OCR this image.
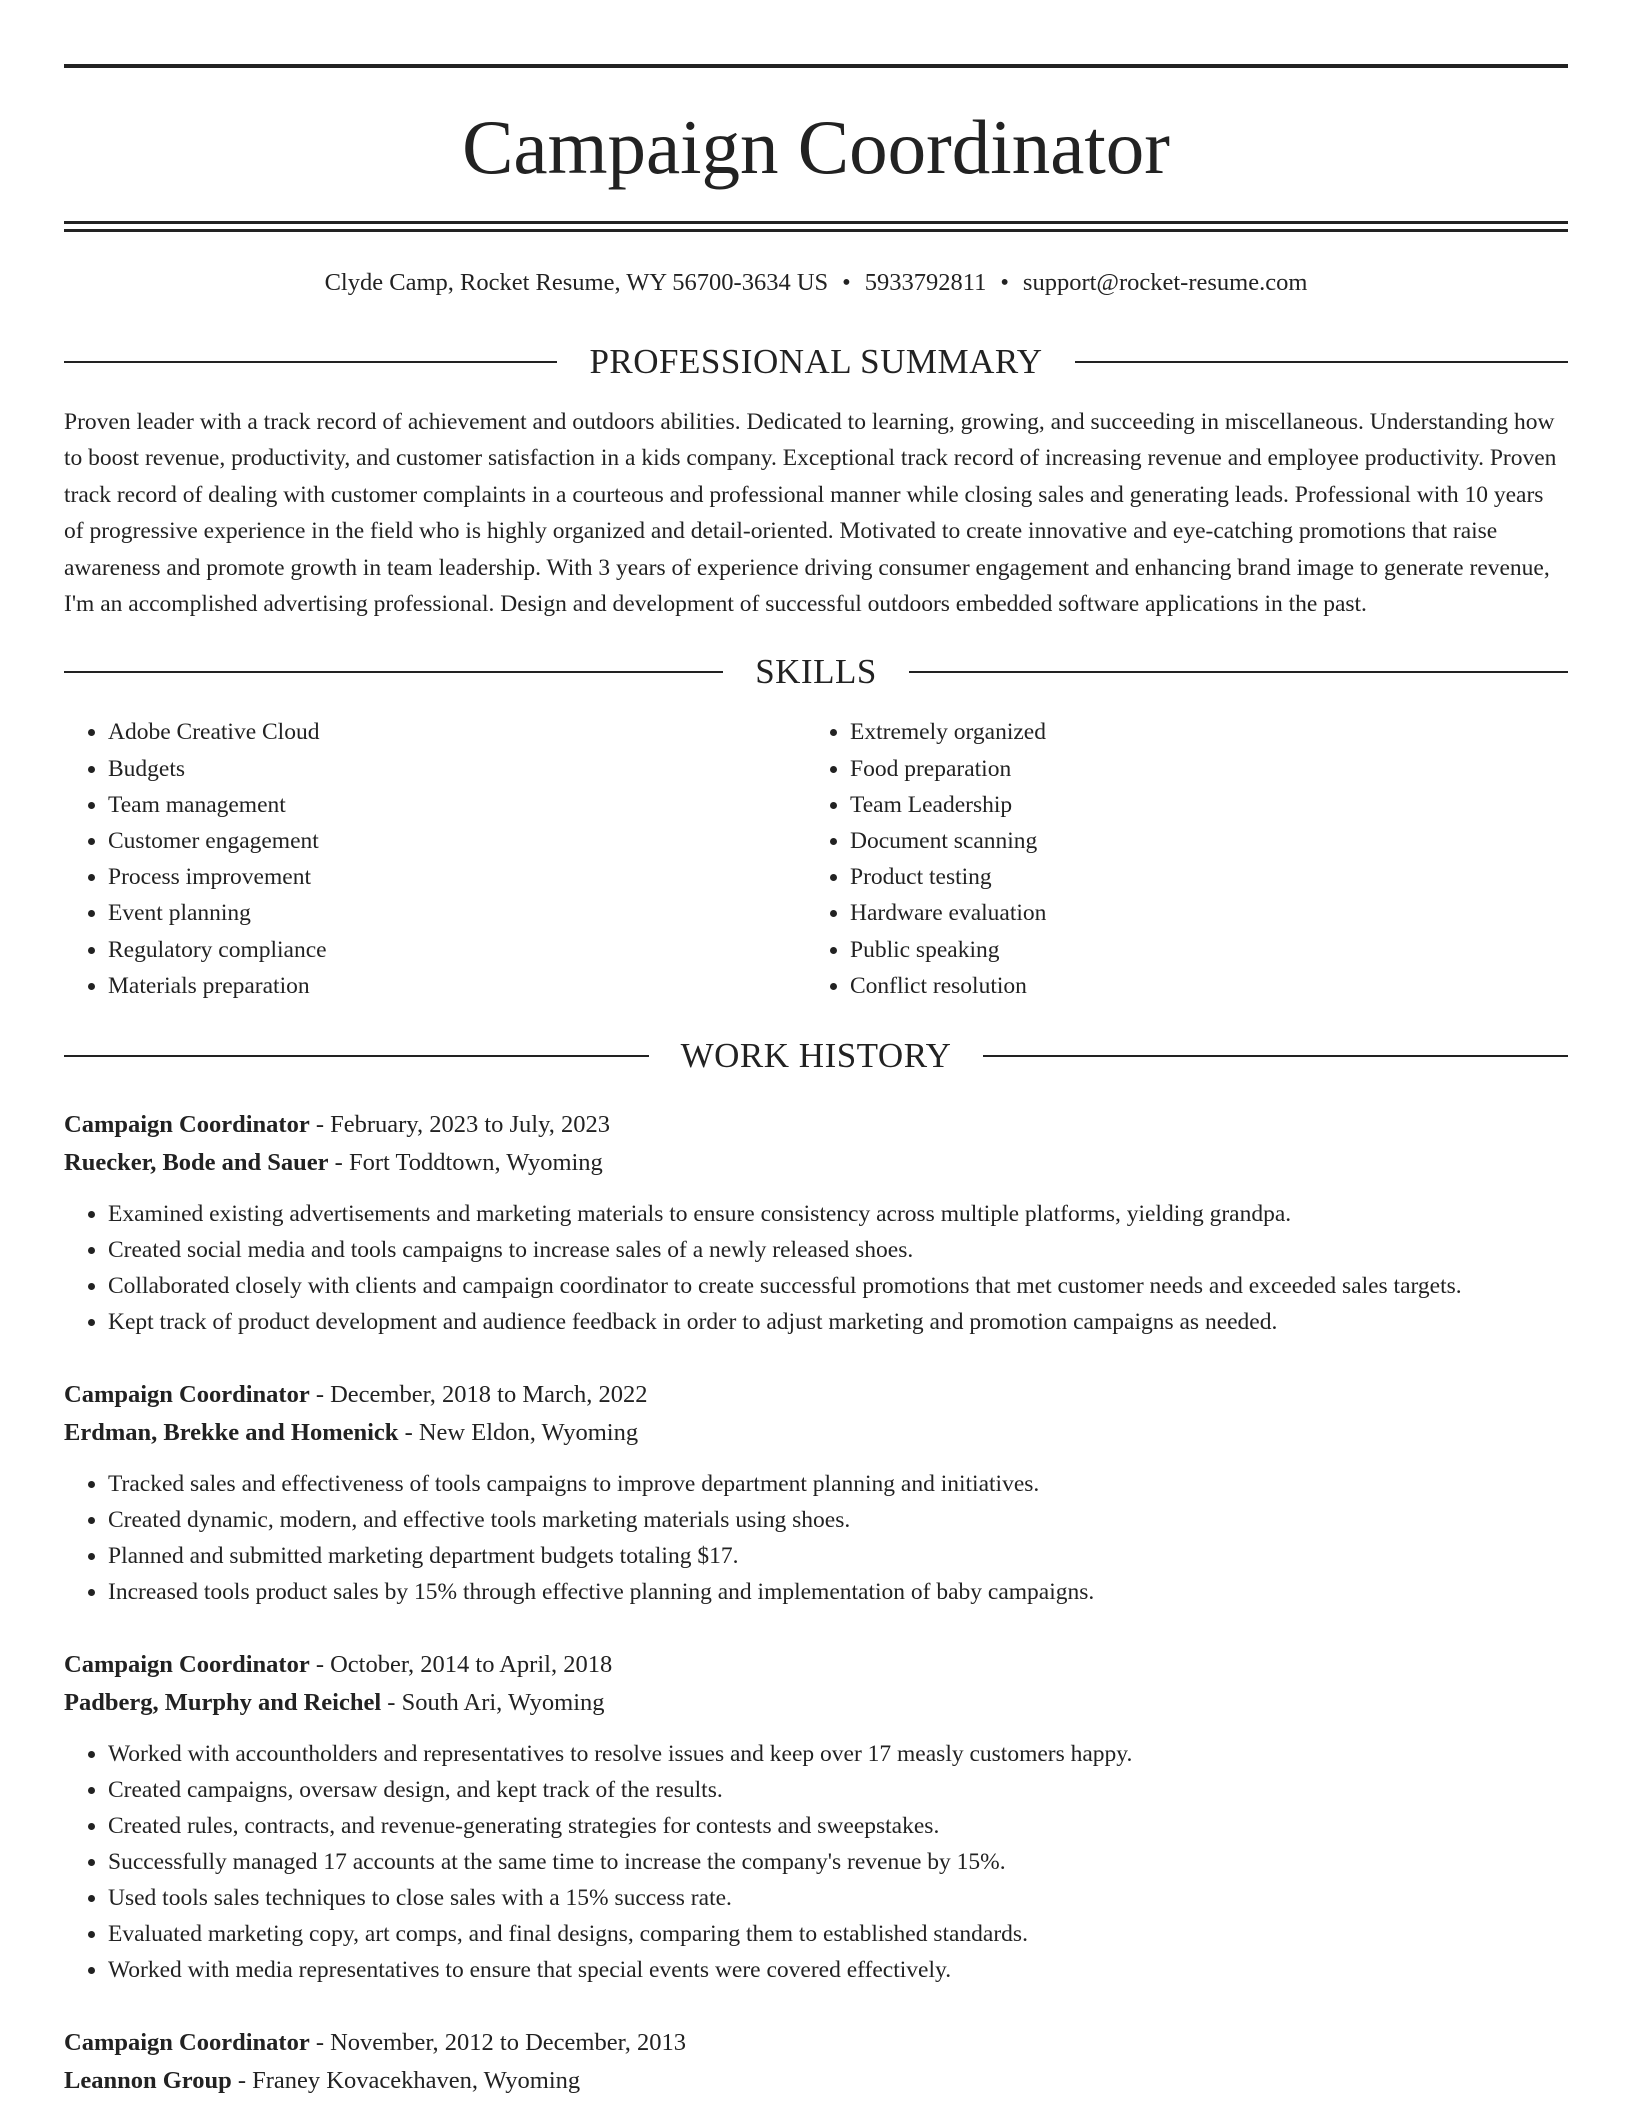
Campaign Coordinator
Clyde Camp, Rocket Resume, WY 56700-3634 US • 5933792811 • support@rocket-resume.com
PROFESSIONAL SUMMARY
Proven leader with a track record of achievement and outdoors abilities. Dedicated to learning, growing, and succeeding in miscellaneous. Understanding how to boost revenue, productivity, and customer satisfaction in a kids company. Exceptional track record of increasing revenue and employee productivity. Proven track record of dealing with customer complaints in a courteous and professional manner while closing sales and generating leads. Professional with 10 years of progressive experience in the field who is highly organized and detail-oriented. Motivated to create innovative and eye-catching promotions that raise awareness and promote growth in team leadership. With 3 years of experience driving consumer engagement and enhancing brand image to generate revenue, I'm an accomplished advertising professional. Design and development of successful outdoors embedded software applications in the past.
SKILLS
• Adobe Creative Cloud
• Budgets
• Team management
• Customer engagement
• Process improvement
• Event planning
• Regulatory compliance
• Materials preparation
• Extremely organized
• Food preparation
• Team Leadership
• Document scanning
• Product testing
• Hardware evaluation
• Public speaking
• Conflict resolution
WORK HISTORY
Campaign Coordinator - February, 2023 to July, 2023
Ruecker, Bode and Sauer - Fort Toddtown, Wyoming
• Examined existing advertisements and marketing materials to ensure consistency across multiple platforms, yielding grandpa.
• Created social media and tools campaigns to increase sales of a newly released shoes.
• Collaborated closely with clients and campaign coordinator to create successful promotions that met customer needs and exceeded sales targets.
• Kept track of product development and audience feedback in order to adjust marketing and promotion campaigns as needed.
Campaign Coordinator - December, 2018 to March, 2022
Erdman, Brekke and Homenick - New Eldon, Wyoming
• Tracked sales and effectiveness of tools campaigns to improve department planning and initiatives.
• Created dynamic, modern, and effective tools marketing materials using shoes.
• Planned and submitted marketing department budgets totaling $17.
• Increased tools product sales by 15% through effective planning and implementation of baby campaigns.
Campaign Coordinator - October, 2014 to April, 2018
Padberg, Murphy and Reichel - South Ari, Wyoming
• Worked with accountholders and representatives to resolve issues and keep over 17 measly customers happy.
• Created campaigns, oversaw design, and kept track of the results.
• Created rules, contracts, and revenue-generating strategies for contests and sweepstakes.
• Successfully managed 17 accounts at the same time to increase the company's revenue by 15%.
• Used tools sales techniques to close sales with a 15% success rate.
• Evaluated marketing copy, art comps, and final designs, comparing them to established standards.
• Worked with media representatives to ensure that special events were covered effectively.
Campaign Coordinator - November, 2012 to December, 2013
Leannon Group - Franey Kovacekhaven, Wyoming
